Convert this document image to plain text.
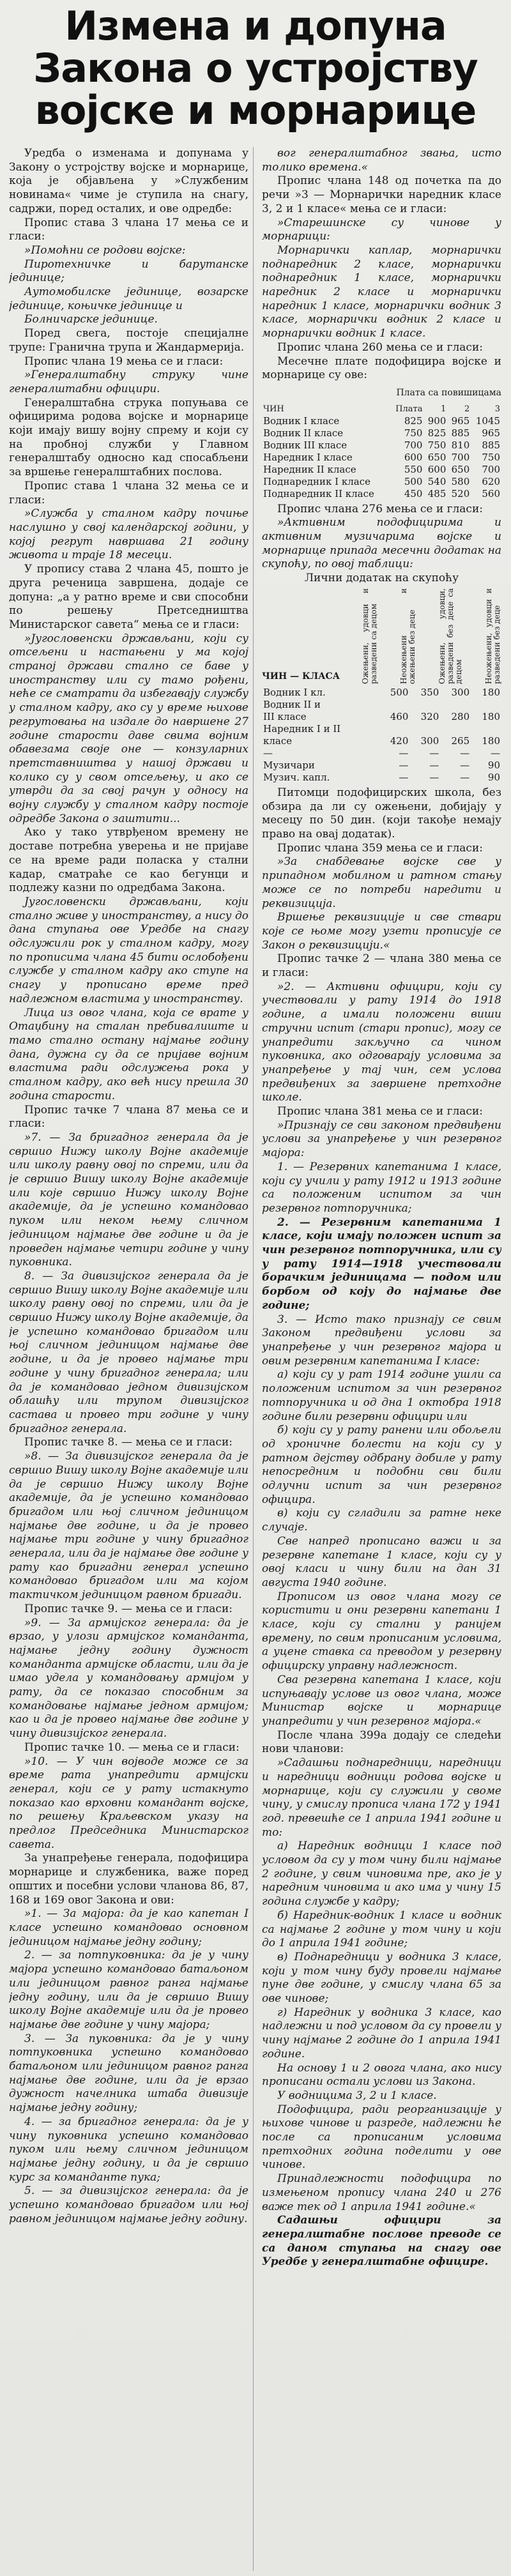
Измена и допуна Закона о устројству војске и морнарице

Уредба о изменама и допунама у Закону о устројству војске и морнарице, која је објављена у »Службеним новинама« чиме је ступила на снагу, садржи, поред осталих, и ове одредбе:

Пропис става 3 члана 17 мења се и гласи:

»Помоћни се родови војске:

Пиротехничке и барутанске јединице;

Аутомобилске јединице, возарске јединице, коњичке јединице и

Болничарске јединице.

Поред свега, постоје специјалне трупе: Гранична трупа и Жандармерија.

Пропис члана 19 мења се и гласи:

»Генералштабну струку чине генералштабни официри.

Генералштабна струка попуњава се официрима родова војске и морнарице који имају вишу војну спрему и који су на пробној служби у Главном генералштабу односно кад спосабљени за вршење генералштабних послова.

Пропис става 1 члана 32 мења се и гласи:

»Служба у сталном кадру почиње наслушно у свој календарској години, у којој регрут навршава 21 годину живота и траје 18 месеци.

У пропису става 2 члана 45, пошто је друга реченица завршена, додаје се допуна: „а у ратно време и сви способни по решењу Претседништва Министарског савета“ мења се и гласи:

»Југословенски држављани, који су отсељени и настањени у ма којој страној држави стално се баве у иностранству или су тамо рођени, неће се сматрати да избегавају службу у сталном кадру, ако су у време њихове регрутовања на издале до навршене 27 године старости даве свима војним обавезама своје оне — конзуларних претставништва у нашој држави и колико су у свом отсељењу, и ако се утврди да за свој рачун у односу на војну службу у сталном кадру постоје одредбе Закона о заштити...

Ако у тако утврђеном времену не доставе потребна уверења и не пријаве се на време ради поласка у стални кадар, сматраће се као бегунци и подлежу казни по одредбама Закона.

Југословенски држављани, који стално живе у иностранству, а нису до дана ступања ове Уредбе на снагу одслужили рок у сталном кадру, могу по прописима члана 45 бити ослобођени службе у сталном кадру ако ступе на снагу у прописано време пред надлежном властима у иностранству.

Лица из овог члана, која се врате у Отаџбину на сталан пребивалиште и тамо стално остану најмање годину дана, дужна су да се пријаве војним властима ради одслужења рока у сталном кадру, ако већ нису прешла 30 година старости.

Пропис тачке 7 члана 87 мења се и гласи:

»7. — За бригадног генерала да је свршио Нижу школу Војне академије или школу равну овој по спреми, или да је свршио Вишу школу Војне академије или које свршио Нижу школу Војне академије, да је успешно командовао пуком или неком њему сличном јединицом најмање две године и да је проведен најмање четири године у чину пуковника.

8. — За дивизијског генерала да је свршио Вишу школу Војне академије или школу равну овој по спреми, или да је свршио Нижу школу Војне академије, да је успешно командовао бригадом или њој сличном јединицом најмање две године, и да је провео најмање три године у чину бригадног генерала; или да је командовао једном дивизијском облашћу или трупом дивизијског састава и провео три године у чину бригадног генерала.

Пропис тачке 8. — мења се и гласи:

»8. — За дивизијског генерала да је свршио Вишу школу Војне академије или да је свршио Нижу школу Војне академије, да је успешно командовао бригадом или њој сличном јединицом најмање две године, и да је провео најмање три године у чину бригадног генерала, или да је најмање две године у рату као бригадни генерал успешно командовао бригадом или ма којом тактичком јединицом равном бригади.

Пропис тачке 9. — мења се и гласи:

»9. — За армијског генерала: да је врзао, у улози армијског команданта, најмање једну годину дужност команданта армијске области, или да је имао удела у командовању армијом у рату, да се показао способним за командовање најмање једном армијом; као и да је провео најмање две године у чину дивизијског генерала.

Пропис тачке 10. — мења се и гласи:

»10. — У чин војводе може се за време рата унапредити армијски генерал, који се у рату истакнуто показао као врховни командант војске, по решењу Краљевском указу на предлог Председника Министарског савета.

За унапређење генерала, подофицира морнарице и службеника, важе поред општих и посебни услови чланова 86, 87, 168 и 169 овог Закона и ови:

»1. — За мајора: да је као капетан I класе успешно командовао основном јединицом најмање једну годину;

2. — за потпуковника: да је у чину мајора успешно командовао батаљоном или јединицом равног ранга најмање једну годину, или да је свршио Вишу школу Војне академије или да је провео најмање две године у чину мајора;

3. — За пуковника: да је у чину потпуковника успешно командовао батаљоном или јединицом равног ранга најмање две године, или да је врзао дужност начелника штаба дивизије најмање једну годину;

4. — за бригадног генерала: да је у чину пуковника успешно командовао пуком или њему сличном јединицом најмање једну годину, и да је свршио курс за команданте пука;

5. — за дивизијског генерала: да је успешно командовао бригадом или њој равном јединицом најмање једну годину.

вог генералштабног звања, исто толико времена.«

Пропис члана 148 од почетка па до речи »3 — Морнарички наредник класе 3, 2 и 1 класе« мења се и гласи:

»Старешинске су чинове у морнарици:

Морнарички каплар, морнарички поднаредник 2 класе, морнарички поднаредник 1 класе, морнарички наредник 2 класе и морнарички наредник 1 класе, морнарички водник 3 класе, морнарички водник 2 класе и морнарички водник 1 класе.

Пропис члана 260 мења се и гласи:

Месечне плате подофицира војске и морнарице су ове:

Плата са повишицама
ЧИН	Плата	1	2	3
Водник I класе	825	900	965	1045
Водник II класе	750	825	885	965
Водник III класе	700	750	810	885
Наредник I класе	600	650	700	750
Наредник II класе	550	600	650	700
Поднаредник I класе	500	540	580	620
Поднаредник II класе	450	485	520	560

Пропис члана 276 мења се и гласи:

»Активним подофицирима и активним музичарима војске и морнарице припада месечни додатак на скупоћу, по овој таблици:

Лични додатак на скупоћу

ЧИН — КЛАСА	Ожењени, удовци и разведени са децом	Неожењени и ожењени без деце	Ожењени, удовци, разведени без деце са децом	Неожењени, удовци и разведени без деце
Водник I кл.	500	350	300	180
Водник II и				
III класе	460	320	280	180
Наредник I и II				
класе	420	300	265	180
—	—	—	—	—
Музичари	—	—	—	90
Музич. капл.	—	—	—	90

Питомци подофицирских школа, без обзира да ли су ожењени, добијају у месецу по 50 дин. (који такође немају право на овај додатак).

Пропис члана 359 мења се и гласи:

»За снабдевање војске све у припадном мобилном и ратном стању може се по потреби наредити и реквизиција.

Вршење реквизиције и све ствари које се њоме могу узети прописује се Закон о реквизицији.«

Пропис тачке 2 — члана 380 мења се и гласи:

»2. — Активни официри, који су учествовали у рату 1914 до 1918 године, а имали положени виши стручни испит (стари пропис), могу се унапредити закључно са чином пуковника, ако одговарају условима за унапређење у тај чин, сем условa предвиђених за завршене претходне школе.

Пропис члана 381 мења се и гласи:

»Признају се сви законом предвиђени услови за унапређење у чин резервног мајора:

1. — Резервних капетанима 1 класе, који су учили у рату 1912 и 1913 године са положеним испитом за чин резервног потпоручника;

2. — Резервним капетанима 1 класе, који имају положен испит за чин резервног потпоручника, или су у рату 1914—1918 учествовали борачким јединицама — подом или борбом од коју до најмање две године;

3. — Исто тако признају се свим Законом предвиђени услови за унапређење у чин резервног мајора и овим резервним капетанима I класе:

а) који су у рат 1914 године ушли са положеним испитом за чин резервног потпоручника и од дна 1 октобра 1918 године били резервни официри или

б) који су у рату ранени или обољели од хроничне болести на који су у ратном дејству одбрану добиле у рату непосредним и подобни сви били одлучни испит за чин резервног официра.

в) који су сгладили за ратне неке случаје.

Све напред прописано важи и за резервне капетане 1 класе, који су у овој класи и чину били на дан 31 августа 1940 године.

Прописом из овог члана могу се користити и они резервни капетани 1 класе, који су стални у ранијем времену, по свим прописаним условима, а уцене ставка са преводом у резервну официрску управну надлежност.

Сва резервна капетана 1 класе, који испуњавају услове из овог члана, може Министар војске и морнарице унапредити у чин резервног мајора.«

После члана 399а додају се следећи нови чланови:

»Садашњи поднаредници, наредници и наредници водници родова војске и морнарице, који су служили у своме чину, у смислу прописа члана 172 у 1941 год. превешће се 1 априла 1941 године и то:

а) Наредник водници 1 класе под условом да су у том чину били најмање 2 године, у свим чиновима пре, ако је у наредним чиновима и ако има у чину 15 година службе у кадру;

б) Наредник-водник 1 класе и водник са најмање 2 године у том чину и који до 1 априла 1941 године;

в) Поднаредници у водника 3 класе, који у том чину буду провели најмање пуне две године, у смислу члана 65 за ове чинове;

г) Наредник у водника 3 класе, као надлежни и под условом да су провели у чину најмање 2 године до 1 априла 1941 године.

На основу 1 и 2 овога члана, ако нису прописани остали услови из Закона.

У водницима 3, 2 и 1 класе.

Подофицира, ради реорганизације у њихове чинове и разреде, надлежни ће после са прописаним условима претходних година поделити у ове чинове.

Принадлежности подофицира по измењеном пропису члана 240 и 276 важе тек од 1 априла 1941 године.«

Садашњи официри за генералштабне послове преводе се са даном ступања на снагу ове Уредбе у генералштабне официре.
